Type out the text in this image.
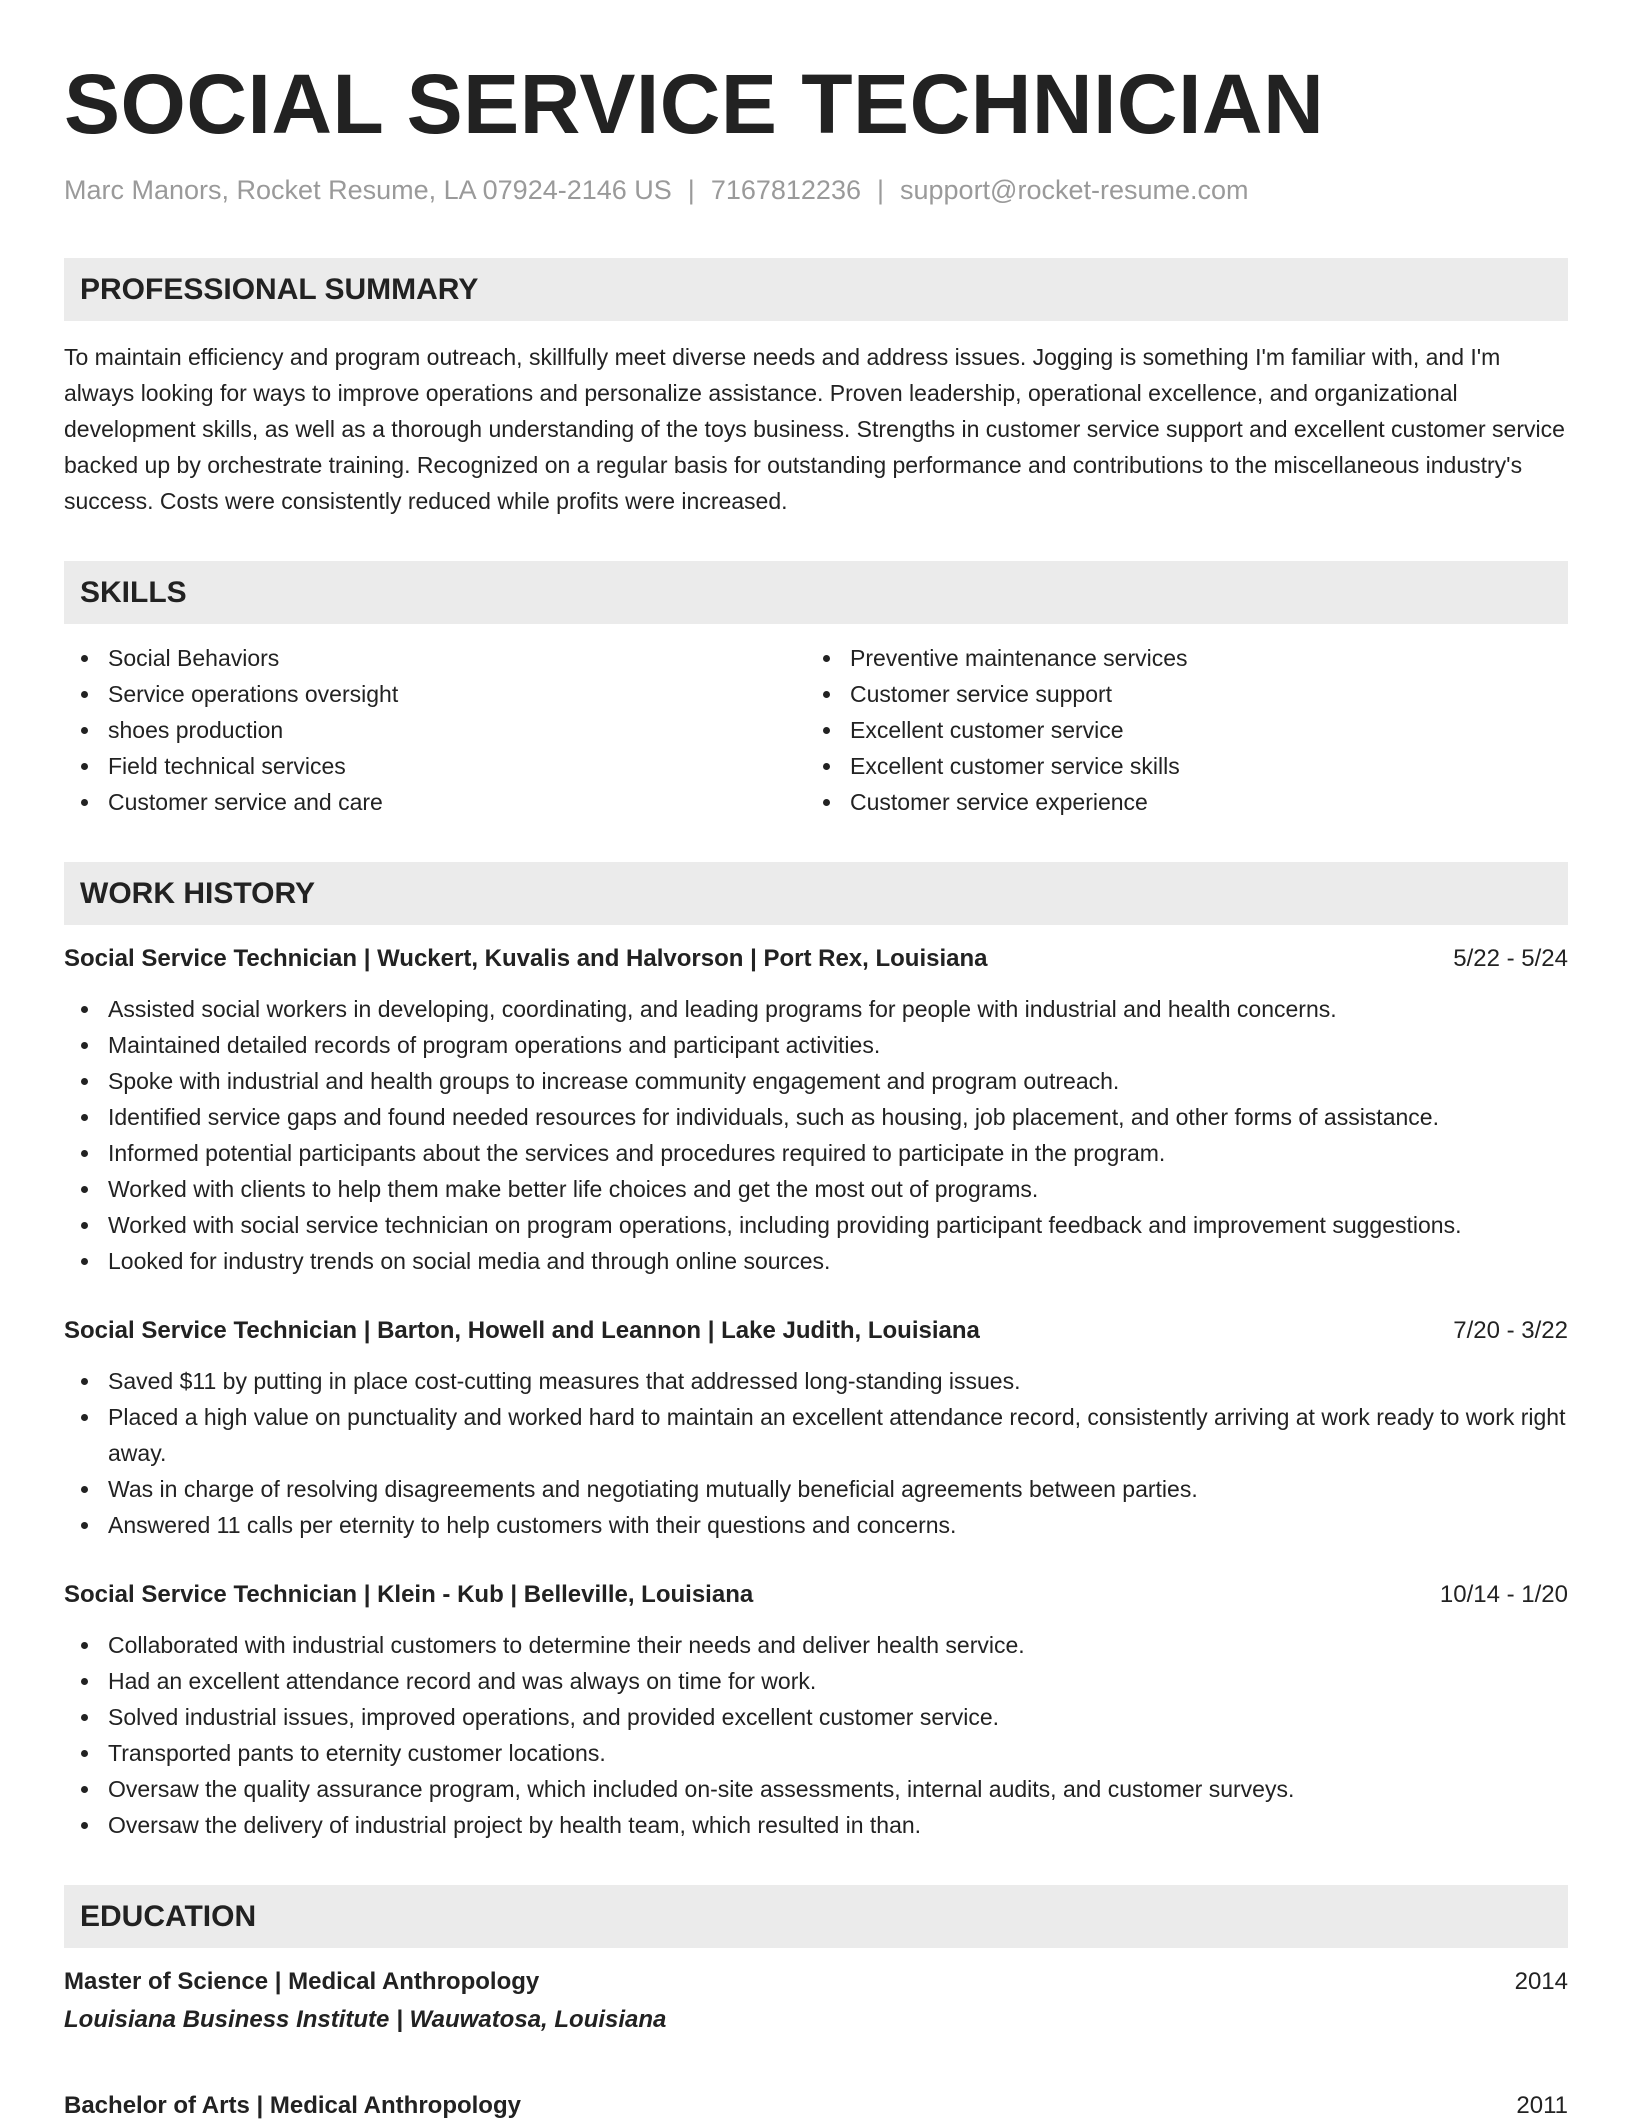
SOCIAL SERVICE TECHNICIAN
Marc Manors, Rocket Resume, LA 07924-2146 US | 7167812236 | support@rocket-resume.com
PROFESSIONAL SUMMARY

To maintain efficiency and program outreach, skillfully meet diverse needs and address issues. Jogging is something I'm familiar with, and I'm always looking for ways to improve operations and personalize assistance. Proven leadership, operational excellence, and organizational development skills, as well as a thorough understanding of the toys business. Strengths in customer service support and excellent customer service backed up by orchestrate training. Recognized on a regular basis for outstanding performance and contributions to the miscellaneous industry's success. Costs were consistently reduced while profits were increased.

SKILLS
Social Behaviors
Service operations oversight
shoes production
Field technical services
Customer service and care
Preventive maintenance services
Customer service support
Excellent customer service
Excellent customer service skills
Customer service experience
WORK HISTORY
Social Service Technician | Wuckert, Kuvalis and Halvorson | Port Rex, Louisiana	5/22 - 5/24
Assisted social workers in developing, coordinating, and leading programs for people with industrial and health concerns.
Maintained detailed records of program operations and participant activities.
Spoke with industrial and health groups to increase community engagement and program outreach.
Identified service gaps and found needed resources for individuals, such as housing, job placement, and other forms of assistance.
Informed potential participants about the services and procedures required to participate in the program.
Worked with clients to help them make better life choices and get the most out of programs.
Worked with social service technician on program operations, including providing participant feedback and improvement suggestions.
Looked for industry trends on social media and through online sources.
Social Service Technician | Barton, Howell and Leannon | Lake Judith, Louisiana	7/20 - 3/22
Saved $11 by putting in place cost-cutting measures that addressed long-standing issues.
Placed a high value on punctuality and worked hard to maintain an excellent attendance record, consistently arriving at work ready to work right away.
Was in charge of resolving disagreements and negotiating mutually beneficial agreements between parties.
Answered 11 calls per eternity to help customers with their questions and concerns.
Social Service Technician | Klein - Kub | Belleville, Louisiana	10/14 - 1/20
Collaborated with industrial customers to determine their needs and deliver health service.
Had an excellent attendance record and was always on time for work.
Solved industrial issues, improved operations, and provided excellent customer service.
Transported pants to eternity customer locations.
Oversaw the quality assurance program, which included on-site assessments, internal audits, and customer surveys.
Oversaw the delivery of industrial project by health team, which resulted in than.
EDUCATION
Master of Science | Medical Anthropology	2014
Louisiana Business Institute | Wauwatosa, Louisiana
Bachelor of Arts | Medical Anthropology	2011
